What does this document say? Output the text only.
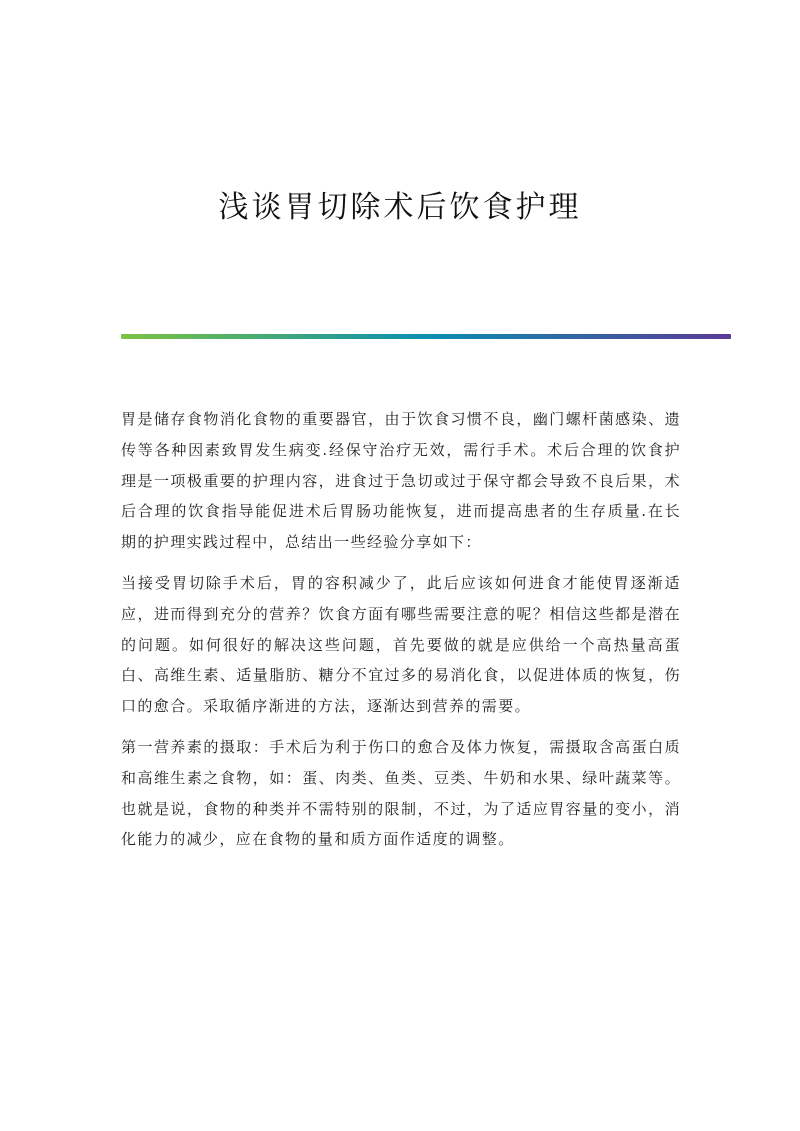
浅谈胃切除术后饮食护理

胃是储存食物消化食物的重要器官，由于饮食习惯不良，幽门螺杆菌感染、遗传等各种因素致胃发生病变.经保守治疗无效，需行手术。术后合理的饮食护理是一项极重要的护理内容，进食过于急切或过于保守都会导致不良后果，术后合理的饮食指导能促进术后胃肠功能恢复，进而提高患者的生存质量.在长期的护理实践过程中，总结出一些经验分享如下：

当接受胃切除手术后，胃的容积减少了，此后应该如何进食才能使胃逐渐适应，进而得到充分的营养？饮食方面有哪些需要注意的呢？相信这些都是潜在的问题。如何很好的解决这些问题，首先要做的就是应供给一个高热量高蛋白、高维生素、适量脂肪、糖分不宜过多的易消化食，以促进体质的恢复，伤口的愈合。采取循序渐进的方法，逐渐达到营养的需要。

第一营养素的摄取：手术后为利于伤口的愈合及体力恢复，需摄取含高蛋白质和高维生素之食物，如：蛋、肉类、鱼类、豆类、牛奶和水果、绿叶蔬菜等。也就是说，食物的种类并不需特别的限制，不过，为了适应胃容量的变小，消化能力的减少，应在食物的量和质方面作适度的调整。
